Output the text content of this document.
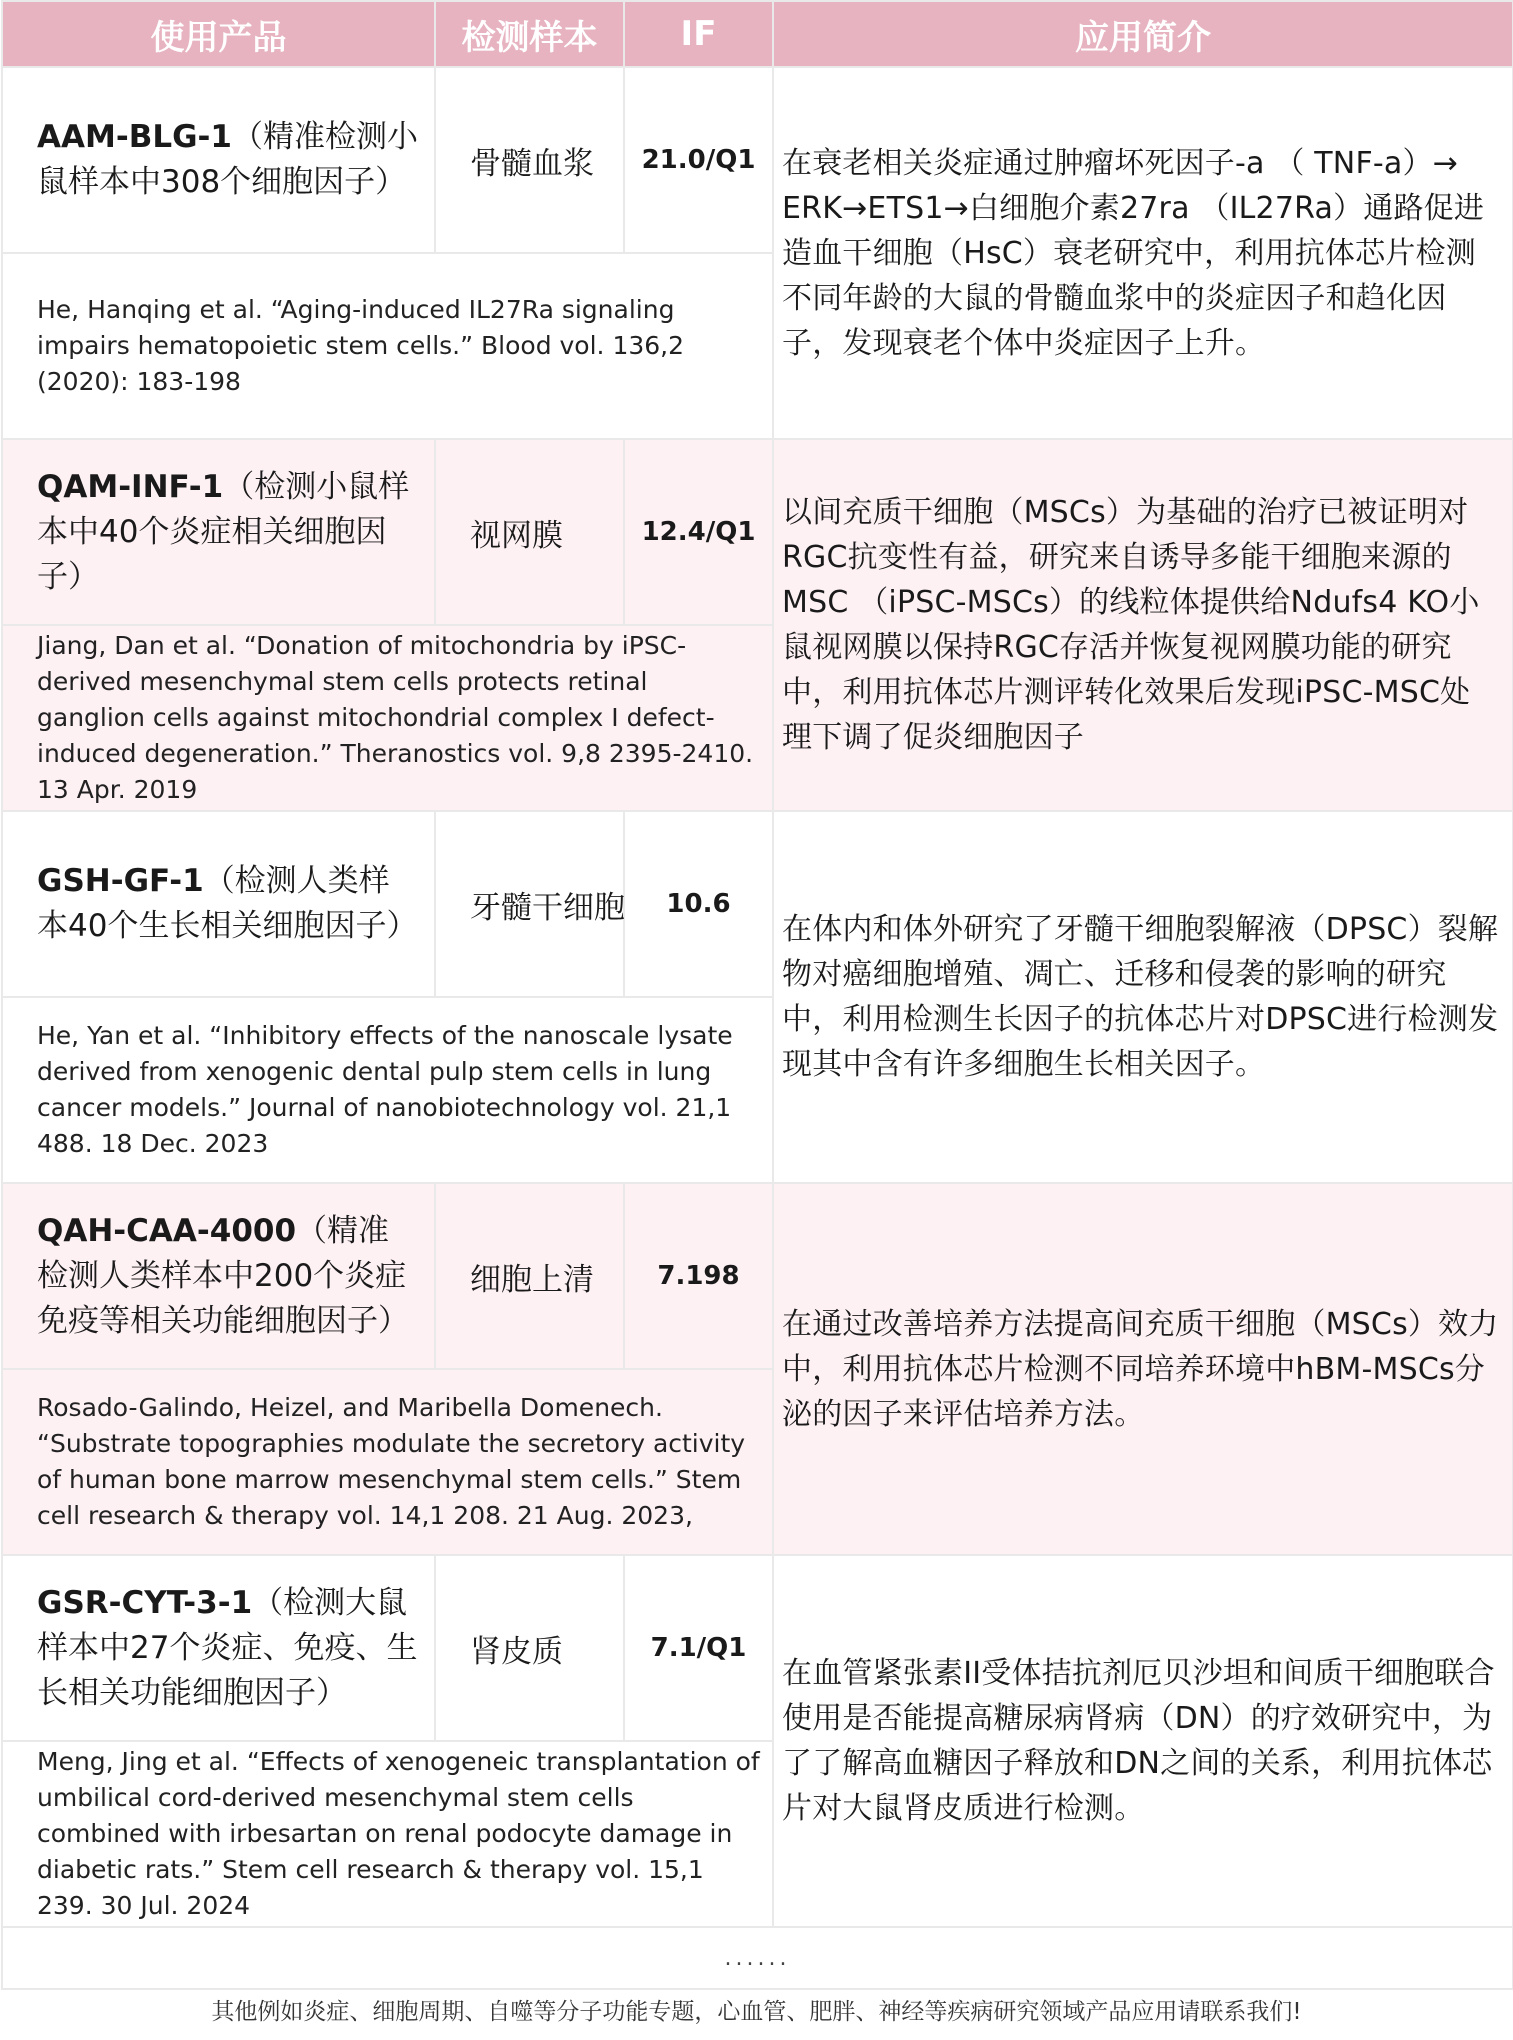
使用产品	检测样本	IF	应用简介
AAM-BLG-1（精准检测小鼠样本中308个细胞因子）	骨髓血浆	21.0/Q1	在衰老相关炎症通过肿瘤坏死因子-a （ TNF-a）→ ERK→ETS1→白细胞介素27ra （IL27Ra）通路促进造血干细胞（HsC）衰老研究中，利用抗体芯片检测不同年龄的大鼠的骨髓血浆中的炎症因子和趋化因子，发现衰老个体中炎症因子上升。
He, Hanqing et al. “Aging-induced IL27Ra signaling impairs hematopoietic stem cells.” Blood vol. 136,2 (2020): 183-198			
QAM-INF-1（检测小鼠样本中40个炎症相关细胞因子）	视网膜	12.4/Q1	以间充质干细胞（MSCs）为基础的治疗已被证明对RGC抗变性有益，研究来自诱导多能干细胞来源的MSC （iPSC-MSCs）的线粒体提供给Ndufs4 KO小鼠视网膜以保持RGC存活并恢复视网膜功能的研究中，利用抗体芯片测评转化效果后发现iPSC-MSC处理下调了促炎细胞因子
Jiang, Dan et al. “Donation of mitochondria by iPSC-derived mesenchymal stem cells protects retinal ganglion cells against mitochondrial complex I defect-induced degeneration.” Theranostics vol. 9,8 2395-2410. 13 Apr. 2019			
GSH-GF-1（检测人类样本40个生长相关细胞因子）	牙髓干细胞	10.6	在体内和体外研究了牙髓干细胞裂解液（DPSC）裂解物对癌细胞增殖、凋亡、迁移和侵袭的影响的研究中，利用检测生长因子的抗体芯片对DPSC进行检测发现其中含有许多细胞生长相关因子。
He, Yan et al. “Inhibitory effects of the nanoscale lysate derived from xenogenic dental pulp stem cells in lung cancer models.” Journal of nanobiotechnology vol. 21,1 488. 18 Dec. 2023			
QAH-CAA-4000（精准检测人类样本中200个炎症免疫等相关功能细胞因子）	细胞上清	7.198	在通过改善培养方法提高间充质干细胞（MSCs）效力中，利用抗体芯片检测不同培养环境中hBM-MSCs分泌的因子来评估培养方法。
Rosado-Galindo, Heizel, and Maribella Domenech. “Substrate topographies modulate the secretory activity of human bone marrow mesenchymal stem cells.” Stem cell research & therapy vol. 14,1 208. 21 Aug. 2023,			
GSR-CYT-3-1（检测大鼠样本中27个炎症、免疫、生长相关功能细胞因子）	肾皮质	7.1/Q1	在血管紧张素II受体拮抗剂厄贝沙坦和间质干细胞联合使用是否能提高糖尿病肾病（DN）的疗效研究中，为了了解高血糖因子释放和DN之间的关系，利用抗体芯片对大鼠肾皮质进行检测。
Meng, Jing et al. “Effects of xenogeneic transplantation of umbilical cord-derived mesenchymal stem cells combined with irbesartan on renal podocyte damage in diabetic rats.” Stem cell research & therapy vol. 15,1 239. 30 Jul. 2024			
......			
其他例如炎症、细胞周期、自噬等分子功能专题，心血管、肥胖、神经等疾病研究领域产品应用请联系我们!
